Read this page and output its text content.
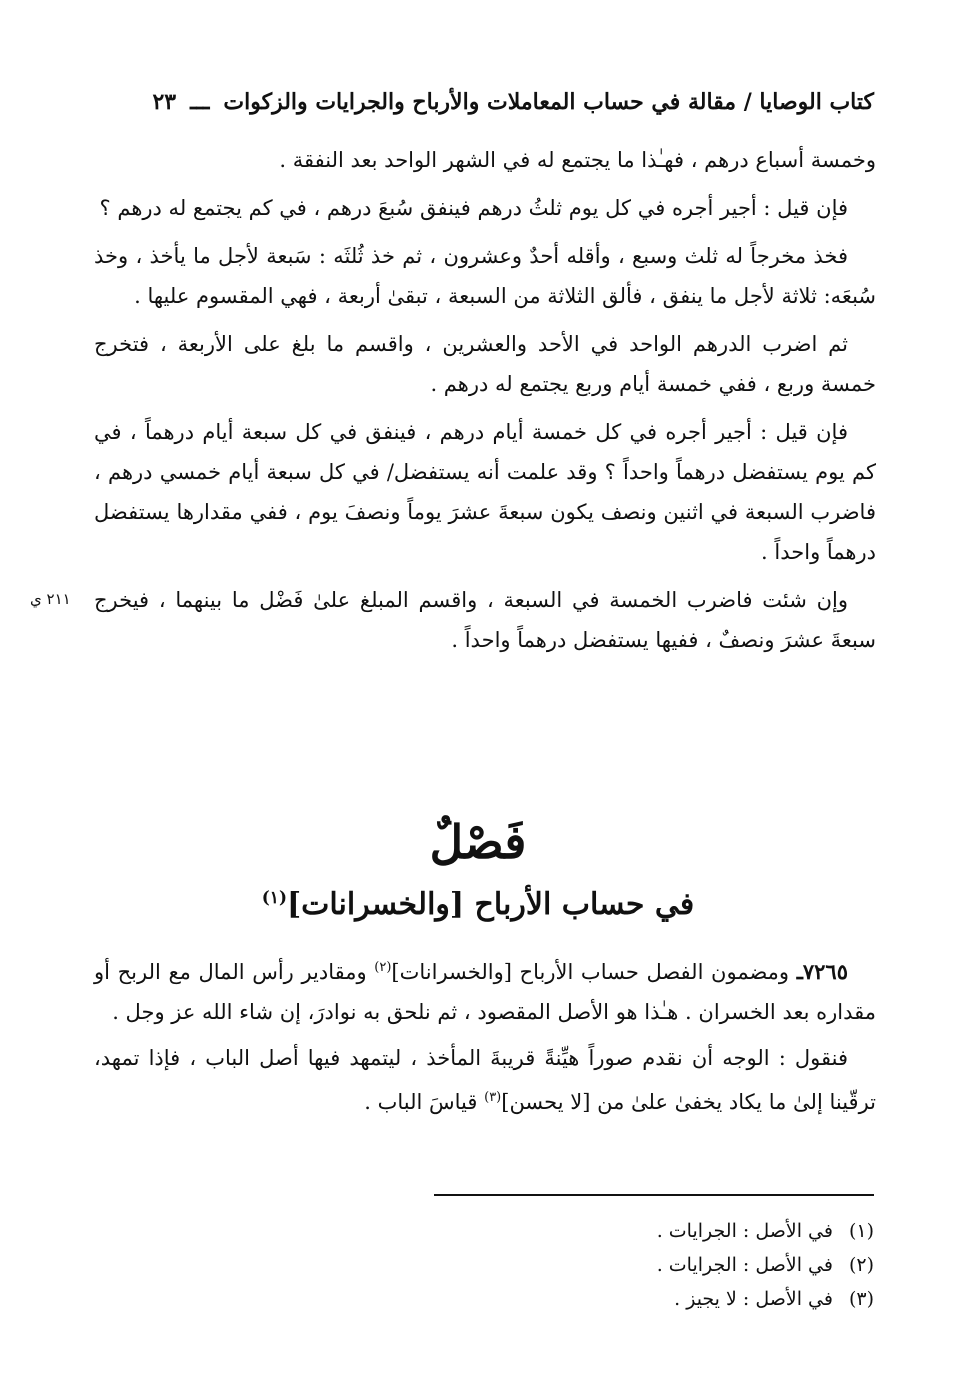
كتاب الوصايا / مقالة في حساب المعاملات والأرباح والجرايات والزكوات
ـــ
٢٣

وخمسة أسباع درهم ، فهـٰذا ما يجتمع له في الشهر الواحد بعد النفقة .

فإن قيل : أجير أجره في كل يوم ثلثُ درهم فينفق سُبعَ درهم ، في كم يجتمع له درهم ؟

فخذ مخرجاً له ثلث وسبع ، وأقله أحدٌ وعشرون ، ثم خذ ثُلثَه : سَبعة لأجل ما يأخذ ، وخذ سُبعَه: ثلاثة لأجل ما ينفق ، فألق الثلاثة من السبعة ، تبقىٰ أربعة ، فهي المقسوم عليها .

ثم اضرب الدرهم الواحد في الأحد والعشرين ، واقسم ما بلغ على الأربعة ، فتخرج خمسة وربع ، ففي خمسة أيام وربع يجتمع له درهم .

فإن قيل : أجير أجره في كل خمسة أيام درهم ، فينفق في كل سبعة أيام درهماً ، في كم يوم يستفضل درهماً واحداً ؟ وقد علمت أنه يستفضل/ في كل سبعة أيام خمسي درهم ، فاضرب السبعة في اثنين ونصف يكون سبعةَ عشرَ يوماً ونصفَ يوم ، ففي مقدارها يستفضل درهماً واحداً .

وإن شئت فاضرب الخمسة في السبعة ، واقسم المبلغ علىٰ فَضْل ما بينهما ، فيخرج سبعةَ عشرَ ونصفٌ ، ففيها يستفضل درهماً واحداً .

٢١١ ي
فَصْلٌ
في حساب الأرباح [والخسرانات]$^{(١)}$

٧٢٦٥ـ ومضمون الفصل حساب الأرباح [والخسرانات]$^{(٢)}$ ومقادير رأس المال مع الربح أو مقداره بعد الخسران . هـٰذا هو الأصل المقصود ، ثم نلحق به نوادرَ، إن شاء الله عز وجل .

فنقول : الوجه أن نقدم صوراً هيِّنةً قريبةَ المأخذ ، ليتمهد فيها أصل الباب ، فإذا تمهد، ترقّينا إلىٰ ما يكاد يخفىٰ علىٰ من [لا يحسن]$^{(٣)}$ قياسَ الباب .

(١)
في الأصل : الجرايات .
(٢)
في الأصل : الجرايات .
(٣)
في الأصل : لا يجيز .
